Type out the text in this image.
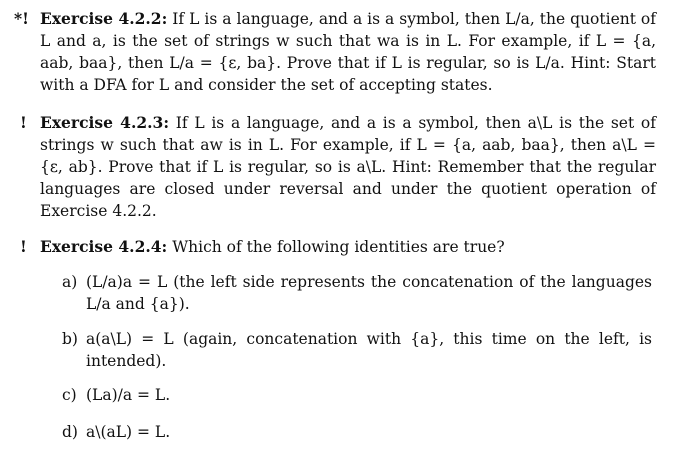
*! Exercise 4.2.2: If L is a language, and a is a symbol, then L/a, the quotient of L and a, is the set of strings w such that wa is in L. For example, if L = {a, aab, baa}, then L/a = {ε, ba}. Prove that if L is regular, so is L/a. Hint: Start with a DFA for L and consider the set of accepting states.
! Exercise 4.2.3: If L is a language, and a is a symbol, then a\L is the set of strings w such that aw is in L. For example, if L = {a, aab, baa}, then a\L = {ε, ab}. Prove that if L is regular, so is a\L. Hint: Remember that the regular languages are closed under reversal and under the quotient operation of Exercise 4.2.2.
! Exercise 4.2.4: Which of the following identities are true?
a) (L/a)a = L (the left side represents the concatenation of the languages L/a and {a}).
b) a(a\L) = L (again, concatenation with {a}, this time on the left, is intended).
c) (La)/a = L.
d) a\(aL) = L.
